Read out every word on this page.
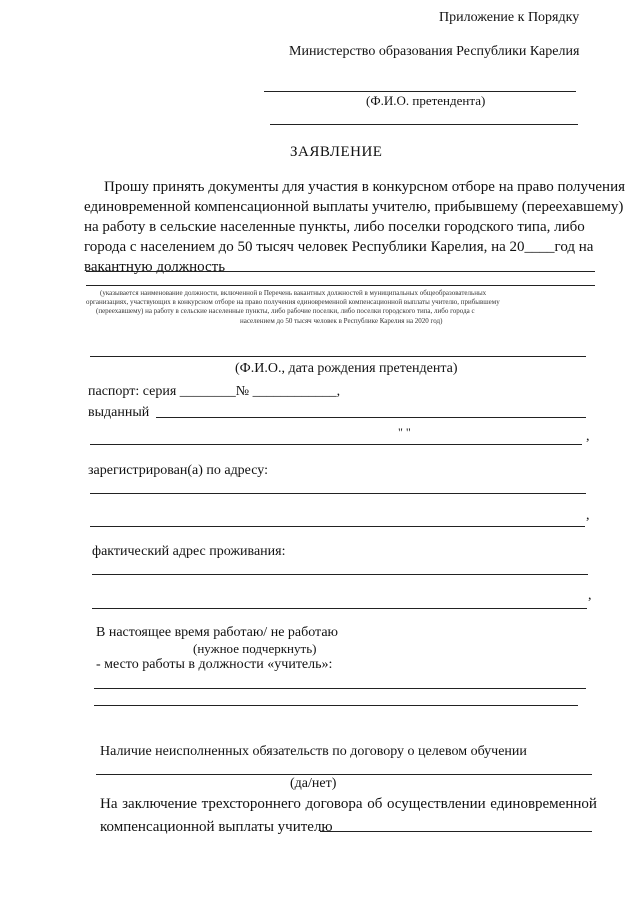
Приложение к Порядку
Министерство образования Республики Карелия
(Ф.И.О. претендента)
ЗАЯВЛЕНИЕ
Прошу принять документы для участия в конкурсном отборе на право получения
единовременной компенсационной выплаты учителю, прибывшему (переехавшему)
на работу в сельские населенные пункты, либо поселки городского типа, либо
города с населением до 50 тысяч человек Республики Карелия, на 20____год на
вакантную должность
(указывается наименование должности, включенной в Перечень вакантных должностей в муниципальных общеобразовательных
организациях, участвующих в конкурсном отборе на право получения единовременной компенсационной выплаты учителю, прибывшему
(переехавшему) на работу в сельские населенные пункты, либо рабочие поселки, либо поселки городского типа, либо города с
населением до 50 тысяч человек в Республике Карелия на 2020 год)
(Ф.И.О., дата рождения претендента)
паспорт: серия ________№ ____________,
выданный
" "	,
зарегистрирован(а) по адресу:
,
фактический адрес проживания:
,
В настоящее время работаю/ не работаю
(нужное подчеркнуть)
- место работы в должности «учитель»:
Наличие неисполненных обязательств по договору о целевом обучении
(да/нет)
На заключение трехстороннего договора об осуществлении единовременной
компенсационной выплаты учителю
